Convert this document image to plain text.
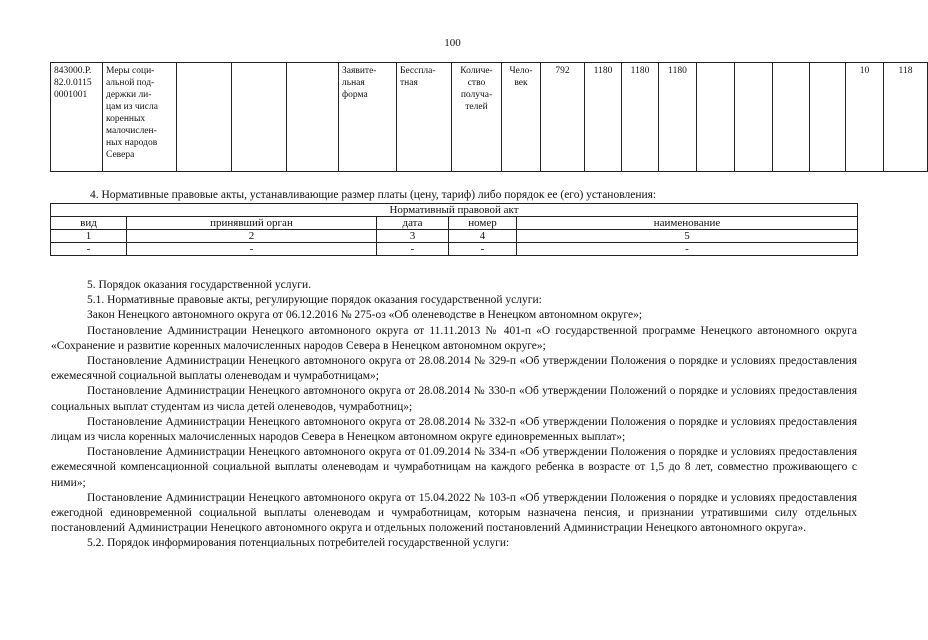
100
843000.Р.
82.0.0115
0001001	Меры соци-
альной под-
держки ли-
цам из числа
коренных
малочислен-
ных народов
Севера				Заявите-
льная
форма	Бесспла-
тная	Количе-
ство
получа-
телей	Чело-
век	792	1180	1180	1180					10	118
4. Нормативные правовые акты, устанавливающие размер платы (цену, тариф) либо порядок ее (его) установления:
Нормативный правовой акт				
вид	принявший орган	дата	номер	наименование
1	2	3	4	5
-	-	-	-	-

5. Порядок оказания государственной услуги.

5.1. Нормативные правовые акты, регулирующие порядок оказания государственной услуги:

Закон Ненецкого автономного округа от 06.12.2016 № 275-оз «Об оленеводстве в Ненецком автономном округе»;

Постановление Администрации Ненецкого автомноного округа от 11.11.2013 № 401-п «О государственной программе Ненецкого автономного округа «Сохранение и развитие коренных малочисленных народов Севера в Ненецком автономном округе»;

Постановление Администрации Ненецкого автомноного округа от 28.08.2014 № 329-п «Об утверждении Положения о порядке и условиях предоставления ежемесячной социальной выплаты оленеводам и чумработницам»;

Постановление Администрации Ненецкого автомноного округа от 28.08.2014 № 330-п «Об утверждении Положений о порядке и условиях предоставления социальных выплат студентам из числа детей оленеводов, чумработниц»;

Постановление Администрации Ненецкого автомноного округа от 28.08.2014 № 332-п «Об утверждении Положения о порядке и условиях предоставления лицам из числа коренных малочисленных народов Севера в Ненецком автономном округе единовременных выплат»;

Постановление Администрации Ненецкого автомноного округа от 01.09.2014 № 334-п «Об утверждении Положения о порядке и условиях предоставления ежемесячной компенсационной социальной выплаты оленеводам и чумработницам на каждого ребенка в возрасте от 1,5 до 8 лет, совместно проживающего с ними»;

Постановление Администрации Ненецкого автомноного округа от 15.04.2022 № 103-п «Об утверждении Положения о порядке и условиях предоставления ежегодной единовременной социальной выплаты оленеводам и чумработницам, которым назначена пенсия, и признании утратившими силу отдельных постановлений Администрации Ненецкого автономного округа и отдельных положений постановлений Администрации Ненецкого автономного округа».

5.2. Порядок информирования потенциальных потребителей государственной услуги:
